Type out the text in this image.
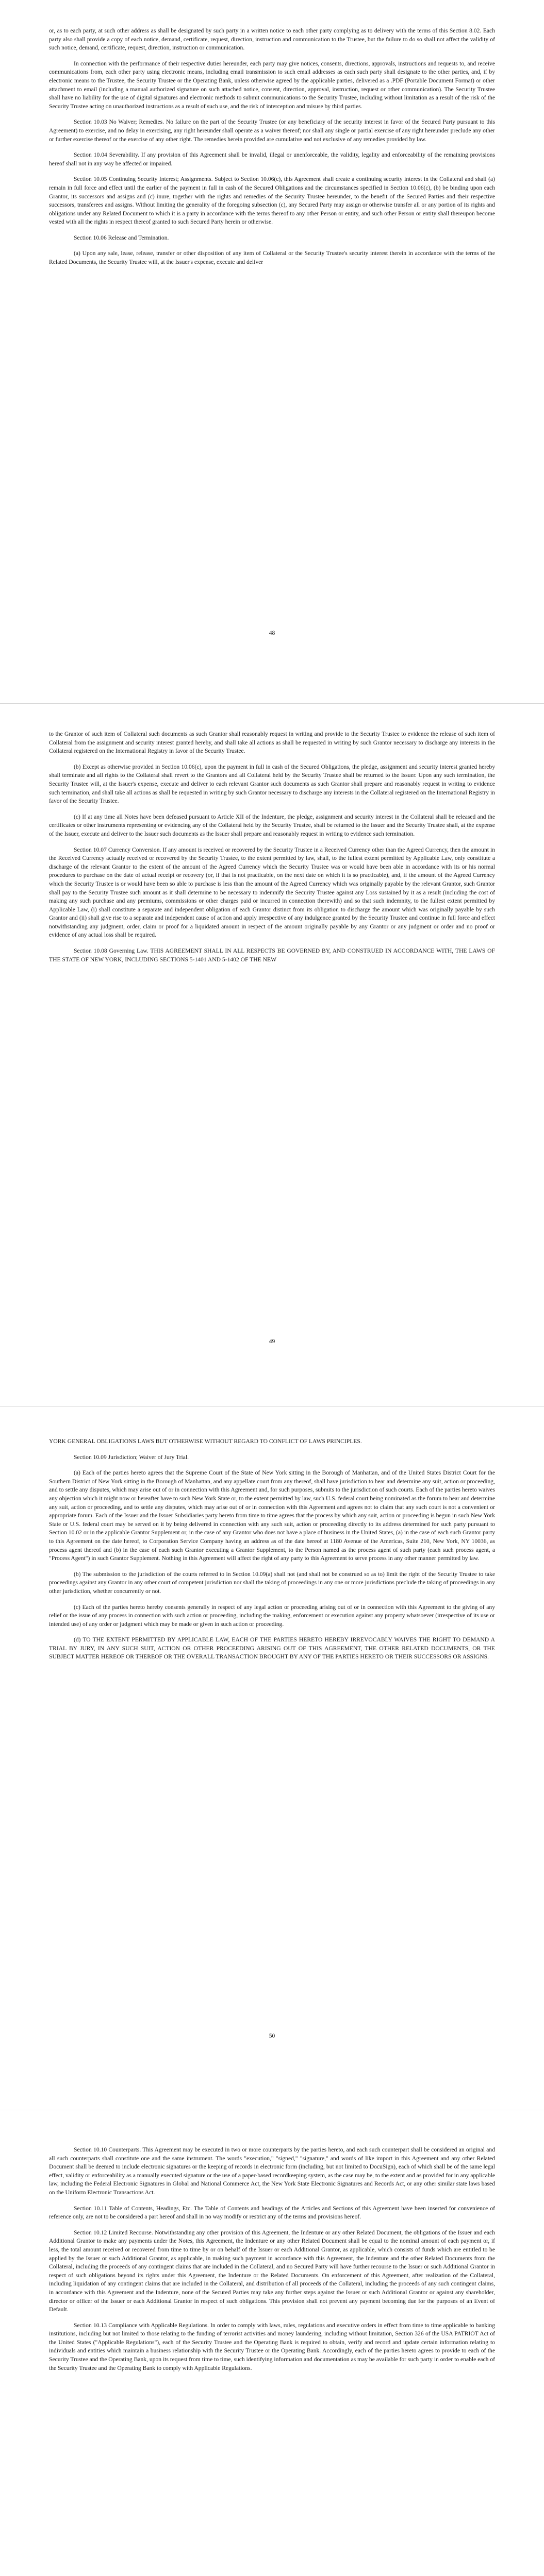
or, as to each party, at such other address as shall be designated by such party in a written notice to each other party complying as to delivery with the terms of this Section 8.02. Each party also shall provide a copy of each notice, demand, certificate, request, direction, instruction and communication to the Trustee, but the failure to do so shall not affect the validity of such notice, demand, certificate, request, direction, instruction or communication.

In connection with the performance of their respective duties hereunder, each party may give notices, consents, directions, approvals, instructions and requests to, and receive communications from, each other party using electronic means, including email transmission to such email addresses as each such party shall designate to the other parties, and, if by electronic means to the Trustee, the Security Trustee or the Operating Bank, unless otherwise agreed by the applicable parties, delivered as a .PDF (Portable Document Format) or other attachment to email (including a manual authorized signature on such attached notice, consent, direction, approval, instruction, request or other communication). The Security Trustee shall have no liability for the use of digital signatures and electronic methods to submit communications to the Security Trustee, including without limitation as a result of the risk of the Security Trustee acting on unauthorized instructions as a result of such use, and the risk of interception and misuse by third parties.

Section 10.03 No Waiver; Remedies. No failure on the part of the Security Trustee (or any beneficiary of the security interest in favor of the Secured Party pursuant to this Agreement) to exercise, and no delay in exercising, any right hereunder shall operate as a waiver thereof; nor shall any single or partial exercise of any right hereunder preclude any other or further exercise thereof or the exercise of any other right. The remedies herein provided are cumulative and not exclusive of any remedies provided by law.

Section 10.04 Severability. If any provision of this Agreement shall be invalid, illegal or unenforceable, the validity, legality and enforceability of the remaining provisions hereof shall not in any way be affected or impaired.

Section 10.05 Continuing Security Interest; Assignments. Subject to Section 10.06(c), this Agreement shall create a continuing security interest in the Collateral and shall (a) remain in full force and effect until the earlier of the payment in full in cash of the Secured Obligations and the circumstances specified in Section 10.06(c), (b) be binding upon each Grantor, its successors and assigns and (c) inure, together with the rights and remedies of the Security Trustee hereunder, to the benefit of the Secured Parties and their respective successors, transferees and assigns. Without limiting the generality of the foregoing subsection (c), any Secured Party may assign or otherwise transfer all or any portion of its rights and obligations under any Related Document to which it is a party in accordance with the terms thereof to any other Person or entity, and such other Person or entity shall thereupon become vested with all the rights in respect thereof granted to such Secured Party herein or otherwise.

Section 10.06 Release and Termination.

(a) Upon any sale, lease, release, transfer or other disposition of any item of Collateral or the Security Trustee's security interest therein in accordance with the terms of the Related Documents, the Security Trustee will, at the Issuer's expense, execute and deliver

48

to the Grantor of such item of Collateral such documents as such Grantor shall reasonably request in writing and provide to the Security Trustee to evidence the release of such item of Collateral from the assignment and security interest granted hereby, and shall take all actions as shall be requested in writing by such Grantor necessary to discharge any interests in the Collateral registered on the International Registry in favor of the Security Trustee.

(b) Except as otherwise provided in Section 10.06(c), upon the payment in full in cash of the Secured Obligations, the pledge, assignment and security interest granted hereby shall terminate and all rights to the Collateral shall revert to the Grantors and all Collateral held by the Security Trustee shall be returned to the Issuer. Upon any such termination, the Security Trustee will, at the Issuer's expense, execute and deliver to each relevant Grantor such documents as such Grantor shall prepare and reasonably request in writing to evidence such termination, and shall take all actions as shall be requested in writing by such Grantor necessary to discharge any interests in the Collateral registered on the International Registry in favor of the Security Trustee.

(c) If at any time all Notes have been defeased pursuant to Article XII of the Indenture, the pledge, assignment and security interest in the Collateral shall be released and the certificates or other instruments representing or evidencing any of the Collateral held by the Security Trustee, shall be returned to the Issuer and the Security Trustee shall, at the expense of the Issuer, execute and deliver to the Issuer such documents as the Issuer shall prepare and reasonably request in writing to evidence such termination.

Section 10.07 Currency Conversion. If any amount is received or recovered by the Security Trustee in a Received Currency other than the Agreed Currency, then the amount in the Received Currency actually received or recovered by the Security Trustee, to the extent permitted by law, shall, to the fullest extent permitted by Applicable Law, only constitute a discharge of the relevant Grantor to the extent of the amount of the Agreed Currency which the Security Trustee was or would have been able in accordance with its or his normal procedures to purchase on the date of actual receipt or recovery (or, if that is not practicable, on the next date on which it is so practicable), and, if the amount of the Agreed Currency which the Security Trustee is or would have been so able to purchase is less than the amount of the Agreed Currency which was originally payable by the relevant Grantor, such Grantor shall pay to the Security Trustee such amount as it shall determine to be necessary to indemnify the Security Trustee against any Loss sustained by it as a result (including the cost of making any such purchase and any premiums, commissions or other charges paid or incurred in connection therewith) and so that such indemnity, to the fullest extent permitted by Applicable Law, (i) shall constitute a separate and independent obligation of each Grantor distinct from its obligation to discharge the amount which was originally payable by such Grantor and (ii) shall give rise to a separate and independent cause of action and apply irrespective of any indulgence granted by the Security Trustee and continue in full force and effect notwithstanding any judgment, order, claim or proof for a liquidated amount in respect of the amount originally payable by any Grantor or any judgment or order and no proof or evidence of any actual loss shall be required.

Section 10.08 Governing Law. THIS AGREEMENT SHALL IN ALL RESPECTS BE GOVERNED BY, AND CONSTRUED IN ACCORDANCE WITH, THE LAWS OF THE STATE OF NEW YORK, INCLUDING SECTIONS 5-1401 AND 5-1402 OF THE NEW

49

YORK GENERAL OBLIGATIONS LAWS BUT OTHERWISE WITHOUT REGARD TO CONFLICT OF LAWS PRINCIPLES.

Section 10.09 Jurisdiction; Waiver of Jury Trial.

(a) Each of the parties hereto agrees that the Supreme Court of the State of New York sitting in the Borough of Manhattan, and of the United States District Court for the Southern District of New York sitting in the Borough of Manhattan, and any appellate court from any thereof, shall have jurisdiction to hear and determine any suit, action or proceeding, and to settle any disputes, which may arise out of or in connection with this Agreement and, for such purposes, submits to the jurisdiction of such courts. Each of the parties hereto waives any objection which it might now or hereafter have to such New York State or, to the extent permitted by law, such U.S. federal court being nominated as the forum to hear and determine any suit, action or proceeding, and to settle any disputes, which may arise out of or in connection with this Agreement and agrees not to claim that any such court is not a convenient or appropriate forum. Each of the Issuer and the Issuer Subsidiaries party hereto from time to time agrees that the process by which any suit, action or proceeding is begun in such New York State or U.S. federal court may be served on it by being delivered in connection with any such suit, action or proceeding directly to its address determined for such party pursuant to Section 10.02 or in the applicable Grantor Supplement or, in the case of any Grantor who does not have a place of business in the United States, (a) in the case of each such Grantor party to this Agreement on the date hereof, to Corporation Service Company having an address as of the date hereof at 1180 Avenue of the Americas, Suite 210, New York, NY 10036, as process agent thereof and (b) in the case of each such Grantor executing a Grantor Supplement, to the Person named as the process agent of such party (each such process agent, a "Process Agent") in such Grantor Supplement. Nothing in this Agreement will affect the right of any party to this Agreement to serve process in any other manner permitted by law.

(b) The submission to the jurisdiction of the courts referred to in Section 10.09(a) shall not (and shall not be construed so as to) limit the right of the Security Trustee to take proceedings against any Grantor in any other court of competent jurisdiction nor shall the taking of proceedings in any one or more jurisdictions preclude the taking of proceedings in any other jurisdiction, whether concurrently or not.

(c) Each of the parties hereto hereby consents generally in respect of any legal action or proceeding arising out of or in connection with this Agreement to the giving of any relief or the issue of any process in connection with such action or proceeding, including the making, enforcement or execution against any property whatsoever (irrespective of its use or intended use) of any order or judgment which may be made or given in such action or proceeding.

(d) TO THE EXTENT PERMITTED BY APPLICABLE LAW, EACH OF THE PARTIES HERETO HEREBY IRREVOCABLY WAIVES THE RIGHT TO DEMAND A TRIAL BY JURY, IN ANY SUCH SUIT, ACTION OR OTHER PROCEEDING ARISING OUT OF THIS AGREEMENT, THE OTHER RELATED DOCUMENTS, OR THE SUBJECT MATTER HEREOF OR THEREOF OR THE OVERALL TRANSACTION BROUGHT BY ANY OF THE PARTIES HERETO OR THEIR SUCCESSORS OR ASSIGNS.

50

Section 10.10 Counterparts. This Agreement may be executed in two or more counterparts by the parties hereto, and each such counterpart shall be considered an original and all such counterparts shall constitute one and the same instrument. The words "execution," "signed," "signature," and words of like import in this Agreement and any other Related Document shall be deemed to include electronic signatures or the keeping of records in electronic form (including, but not limited to DocuSign), each of which shall be of the same legal effect, validity or enforceability as a manually executed signature or the use of a paper-based recordkeeping system, as the case may be, to the extent and as provided for in any applicable law, including the Federal Electronic Signatures in Global and National Commerce Act, the New York State Electronic Signatures and Records Act, or any other similar state laws based on the Uniform Electronic Transactions Act.

Section 10.11 Table of Contents, Headings, Etc. The Table of Contents and headings of the Articles and Sections of this Agreement have been inserted for convenience of reference only, are not to be considered a part hereof and shall in no way modify or restrict any of the terms and provisions hereof.

Section 10.12 Limited Recourse. Notwithstanding any other provision of this Agreement, the Indenture or any other Related Document, the obligations of the Issuer and each Additional Grantor to make any payments under the Notes, this Agreement, the Indenture or any other Related Document shall be equal to the nominal amount of each payment or, if less, the total amount received or recovered from time to time by or on behalf of the Issuer or each Additional Grantor, as applicable, which consists of funds which are entitled to be applied by the Issuer or such Additional Grantor, as applicable, in making such payment in accordance with this Agreement, the Indenture and the other Related Documents from the Collateral, including the proceeds of any contingent claims that are included in the Collateral, and no Secured Party will have further recourse to the Issuer or such Additional Grantor in respect of such obligations beyond its rights under this Agreement, the Indenture or the Related Documents. On enforcement of this Agreement, after realization of the Collateral, including liquidation of any contingent claims that are included in the Collateral, and distribution of all proceeds of the Collateral, including the proceeds of any such contingent claims, in accordance with this Agreement and the Indenture, none of the Secured Parties may take any further steps against the Issuer or such Additional Grantor or against any shareholder, director or officer of the Issuer or each Additional Grantor in respect of such obligations. This provision shall not prevent any payment becoming due for the purposes of an Event of Default.

Section 10.13 Compliance with Applicable Regulations. In order to comply with laws, rules, regulations and executive orders in effect from time to time applicable to banking institutions, including but not limited to those relating to the funding of terrorist activities and money laundering, including without limitation, Section 326 of the USA PATRIOT Act of the United States ("Applicable Regulations"), each of the Security Trustee and the Operating Bank is required to obtain, verify and record and update certain information relating to individuals and entities which maintain a business relationship with the Security Trustee or the Operating Bank. Accordingly, each of the parties hereto agrees to provide to each of the Security Trustee and the Operating Bank, upon its request from time to time, such identifying information and documentation as may be available for such party in order to enable each of the Security Trustee and the Operating Bank to comply with Applicable Regulations.
